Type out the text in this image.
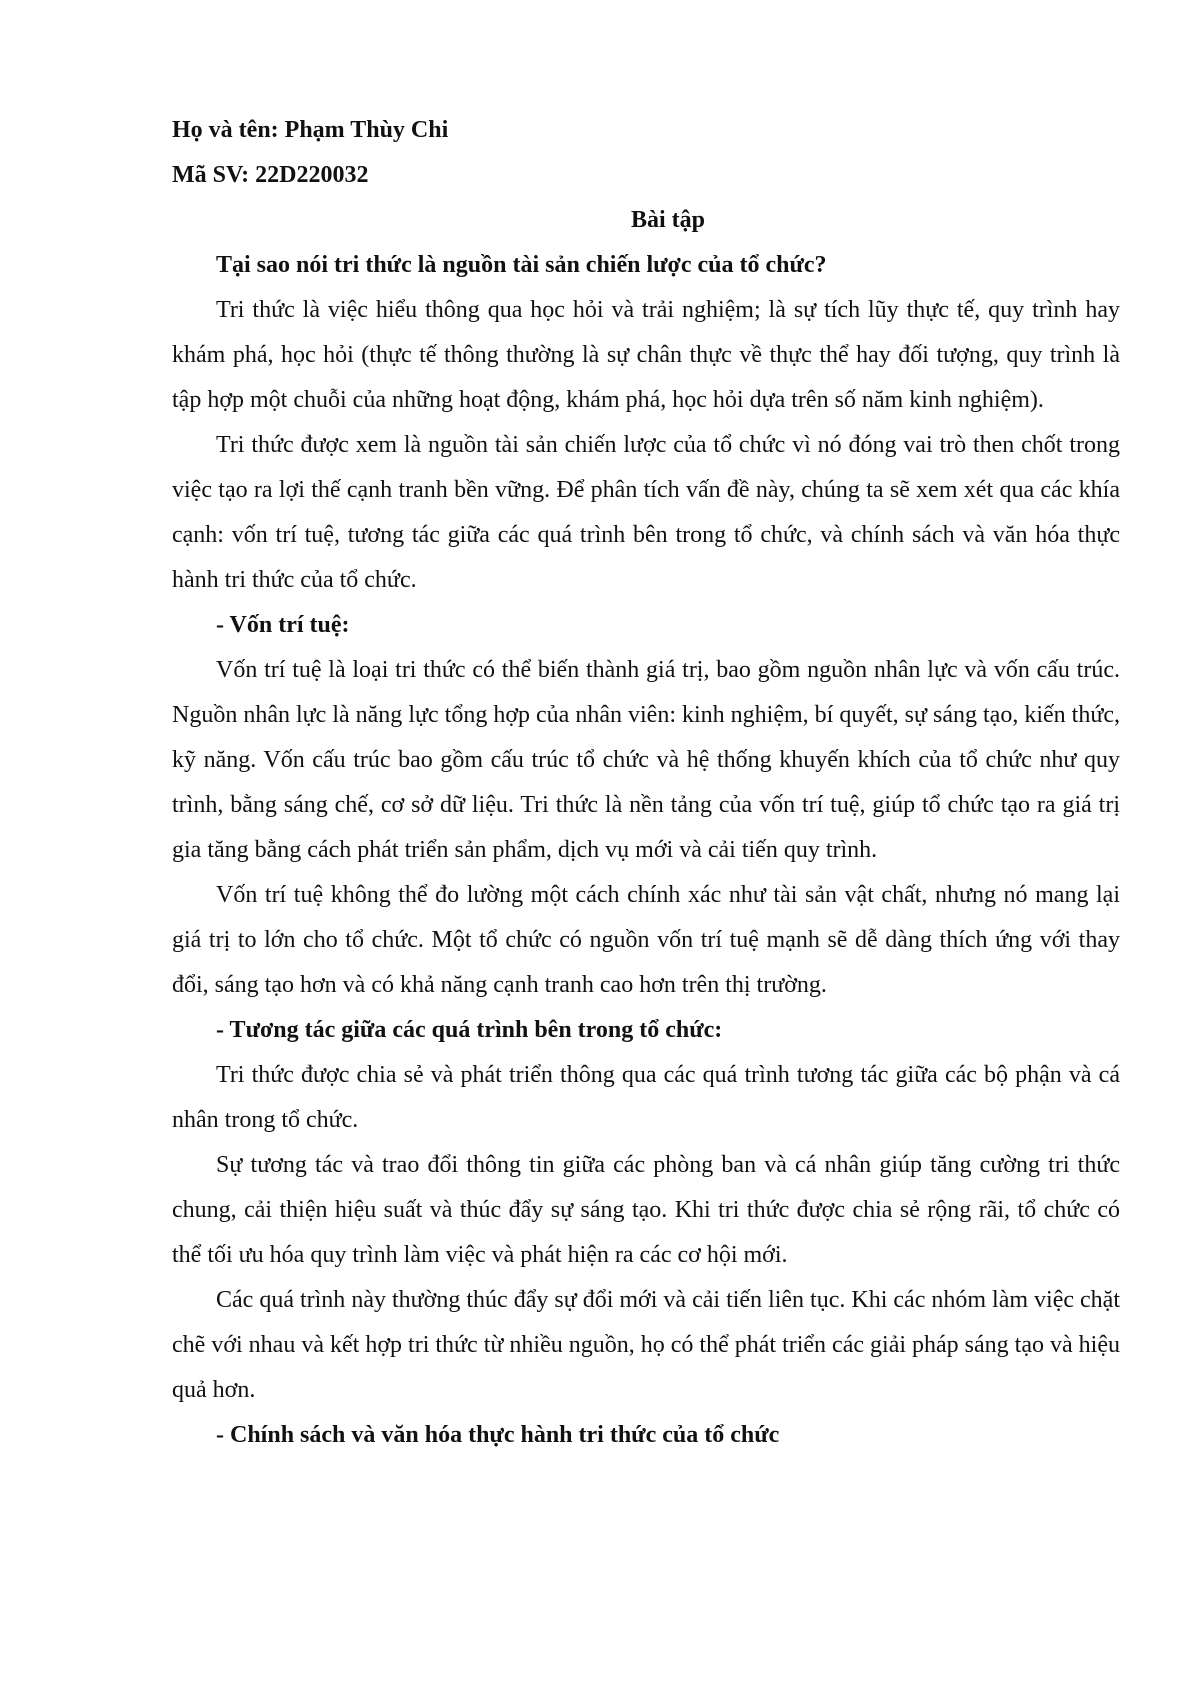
Họ và tên: Phạm Thùy Chi

Mã SV: 22D220032

Bài tập

Tại sao nói tri thức là nguồn tài sản chiến lược của tổ chức?

Tri thức là việc hiểu thông qua học hỏi và trải nghiệm; là sự tích lũy thực tế, quy trình hay khám phá, học hỏi (thực tế thông thường là sự chân thực về thực thể hay đối tượng, quy trình là tập hợp một chuỗi của những hoạt động, khám phá, học hỏi dựa trên số năm kinh nghiệm).

Tri thức được xem là nguồn tài sản chiến lược của tổ chức vì nó đóng vai trò then chốt trong việc tạo ra lợi thế cạnh tranh bền vững. Để phân tích vấn đề này, chúng ta sẽ xem xét qua các khía cạnh: vốn trí tuệ, tương tác giữa các quá trình bên trong tổ chức, và chính sách và văn hóa thực hành tri thức của tổ chức.

- Vốn trí tuệ:

Vốn trí tuệ là loại tri thức có thể biến thành giá trị, bao gồm nguồn nhân lực và vốn cấu trúc. Nguồn nhân lực là năng lực tổng hợp của nhân viên: kinh nghiệm, bí quyết, sự sáng tạo, kiến thức, kỹ năng. Vốn cấu trúc bao gồm cấu trúc tổ chức và hệ thống khuyến khích của tổ chức như quy trình, bằng sáng chế, cơ sở dữ liệu. Tri thức là nền tảng của vốn trí tuệ, giúp tổ chức tạo ra giá trị gia tăng bằng cách phát triển sản phẩm, dịch vụ mới và cải tiến quy trình.

Vốn trí tuệ không thể đo lường một cách chính xác như tài sản vật chất, nhưng nó mang lại giá trị to lớn cho tổ chức. Một tổ chức có nguồn vốn trí tuệ mạnh sẽ dễ dàng thích ứng với thay đổi, sáng tạo hơn và có khả năng cạnh tranh cao hơn trên thị trường.

- Tương tác giữa các quá trình bên trong tổ chức:

Tri thức được chia sẻ và phát triển thông qua các quá trình tương tác giữa các bộ phận và cá nhân trong tổ chức.

Sự tương tác và trao đổi thông tin giữa các phòng ban và cá nhân giúp tăng cường tri thức chung, cải thiện hiệu suất và thúc đẩy sự sáng tạo. Khi tri thức được chia sẻ rộng rãi, tổ chức có thể tối ưu hóa quy trình làm việc và phát hiện ra các cơ hội mới.

Các quá trình này thường thúc đẩy sự đổi mới và cải tiến liên tục. Khi các nhóm làm việc chặt chẽ với nhau và kết hợp tri thức từ nhiều nguồn, họ có thể phát triển các giải pháp sáng tạo và hiệu quả hơn.

- Chính sách và văn hóa thực hành tri thức của tổ chức
